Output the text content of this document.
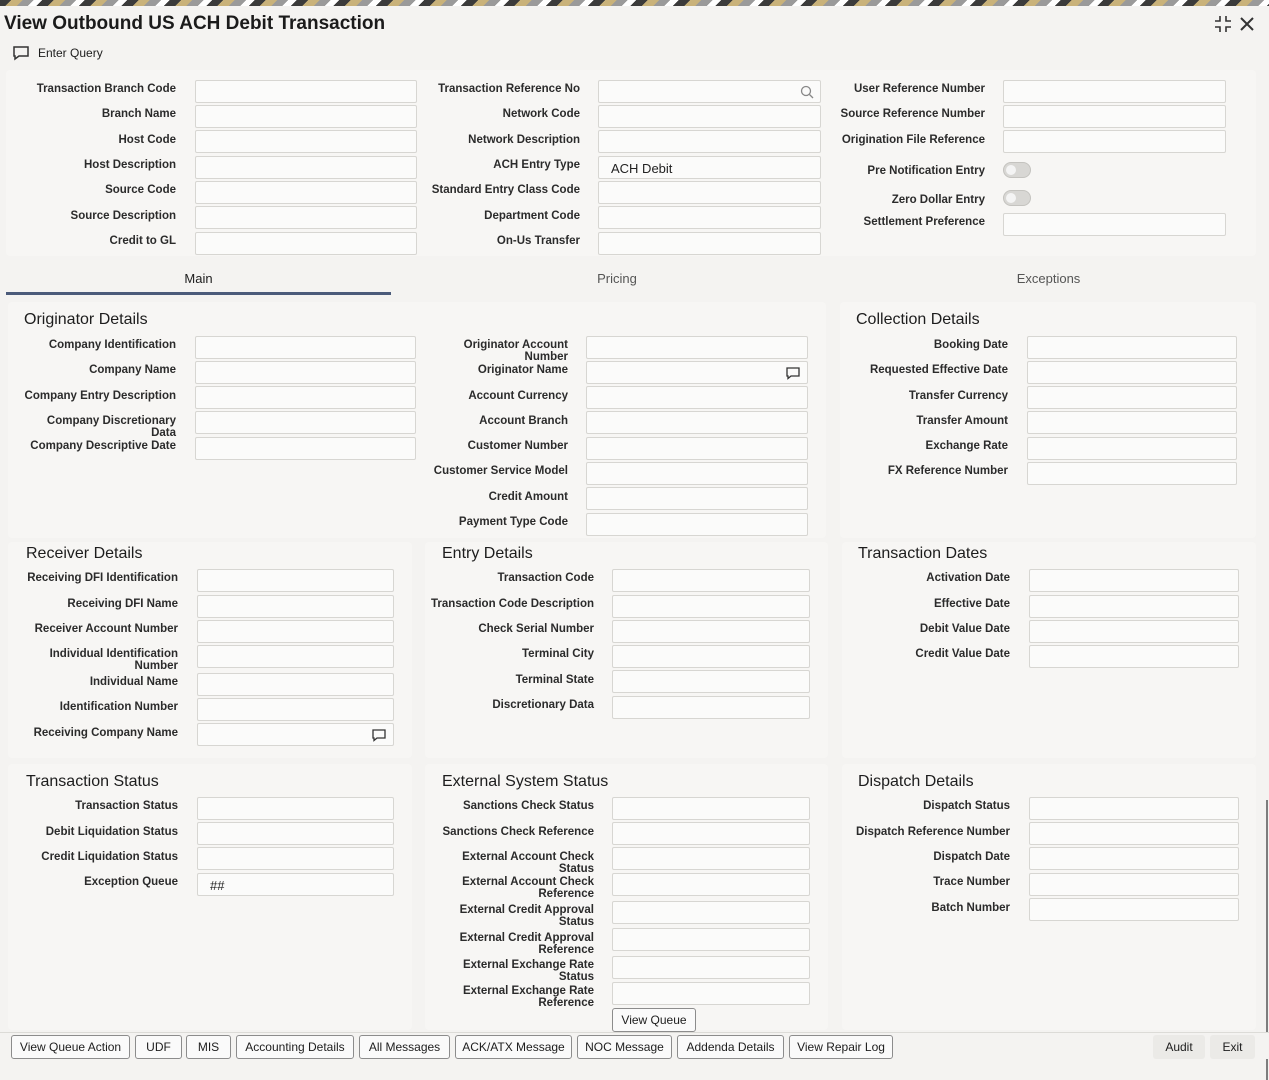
View Outbound US ACH Debit Transaction
Enter Query
Transaction Branch Code
Branch Name
Host Code
Host Description
Source Code
Source Description
Credit to GL
Transaction Reference No
Network Code
Network Description
ACH Entry Type	ACH Debit
Standard Entry Class Code
Department Code
On-Us Transfer
User Reference Number
Source Reference Number
Origination File Reference
Pre Notification Entry
Zero Dollar Entry
Settlement Preference
Main	Pricing	Exceptions
Originator Details
Company Identification
Company Name
Company Entry Description
Company Discretionary Data
Company Descriptive Date
Originator Account Number
Originator Name
Account Currency
Account Branch
Customer Number
Customer Service Model
Credit Amount
Payment Type Code
Collection Details
Booking Date
Requested Effective Date
Transfer Currency
Transfer Amount
Exchange Rate
FX Reference Number
Receiver Details
Receiving DFI Identification
Receiving DFI Name
Receiver Account Number
Individual Identification Number
Individual Name
Identification Number
Receiving Company Name
Entry Details
Transaction Code
Transaction Code Description
Check Serial Number
Terminal City
Terminal State
Discretionary Data
Transaction Dates
Activation Date
Effective Date
Debit Value Date
Credit Value Date
Transaction Status
Transaction Status
Debit Liquidation Status
Credit Liquidation Status
Exception Queue	##
External System Status
Sanctions Check Status
Sanctions Check Reference
External Account Check Status
External Account Check Reference
External Credit Approval Status
External Credit Approval Reference
External Exchange Rate Status
External Exchange Rate Reference
View Queue
Dispatch Details
Dispatch Status
Dispatch Reference Number
Dispatch Date
Trace Number
Batch Number
View Queue Action	UDF	MIS	Accounting Details	All Messages	ACK/ATX Message	NOC Message	Addenda Details	View Repair Log	Audit	Exit
